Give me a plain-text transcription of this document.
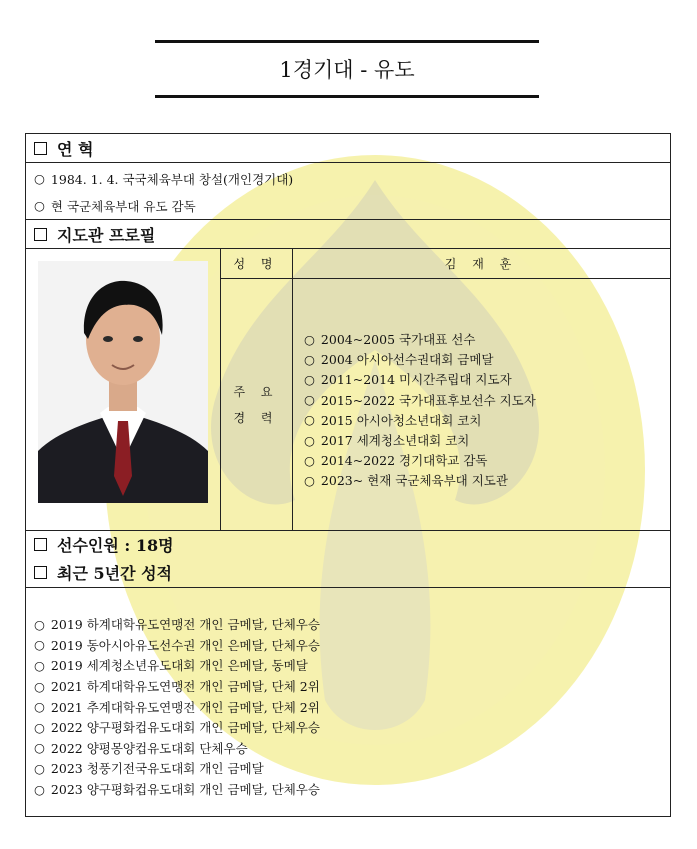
1경기대 - 유도
연 혁
○ 1984. 1. 4. 국국체육부대 창설(개인경기대)
○ 현 국군체육부대 유도 감독
지도관 프로필
성 명	김 재 훈
주 요
경 력
○ 2004~2005 국가대표 선수
○ 2004 아시아선수권대회 금메달
○ 2011~2014 미시간주립대 지도자
○ 2015~2022 국가대표후보선수 지도자
○ 2015 아시아청소년대회 코치
○ 2017 세계청소년대회 코치
○ 2014~2022 경기대학교 감독
○ 2023~ 현재 국군체육부대 지도관
선수인원 : 18명
최근 5년간 성적
○ 2019 하계대학유도연맹전 개인 금메달, 단체우승
○ 2019 동아시아유도선수권 개인 은메달, 단체우승
○ 2019 세계청소년유도대회 개인 은메달, 동메달
○ 2021 하계대학유도연맹전 개인 금메달, 단체 2위
○ 2021 추계대학유도연맹전 개인 금메달, 단체 2위
○ 2022 양구평화컵유도대회 개인 금메달, 단체우승
○ 2022 양평몽양컵유도대회 단체우승
○ 2023 청풍기전국유도대회 개인 금메달
○ 2023 양구평화컵유도대회 개인 금메달, 단체우승
